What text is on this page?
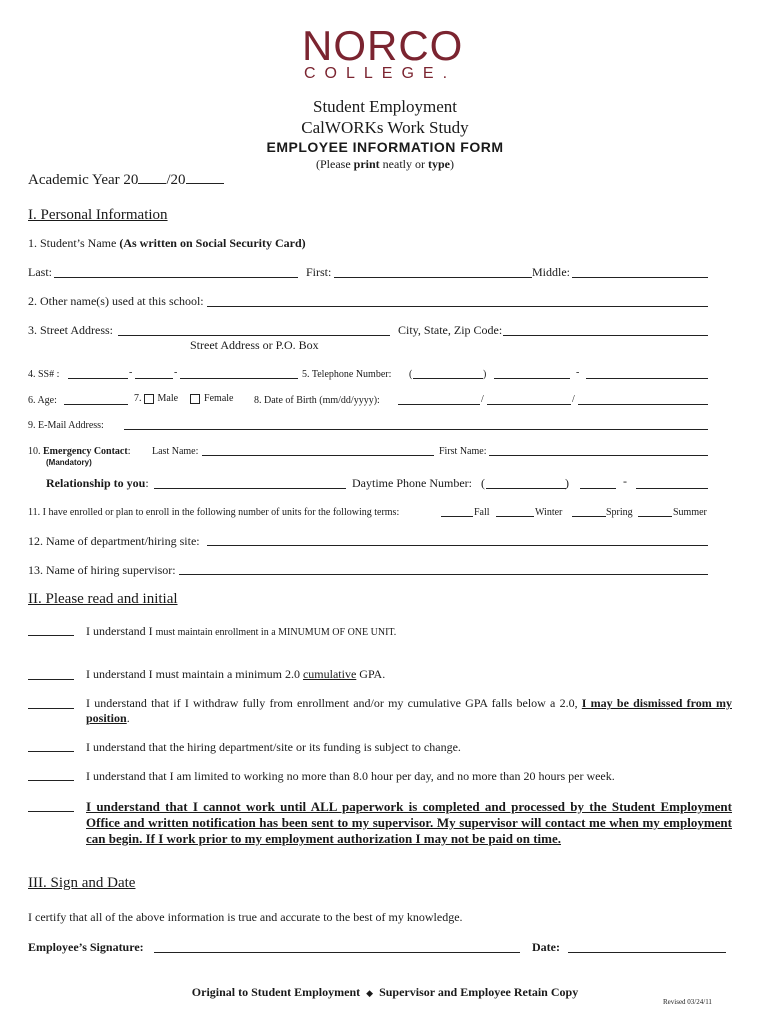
NORCO
COLLEGE.
Student Employment
CalWORKs Work Study
EMPLOYEE INFORMATION FORM
(Please print neatly or type)
Academic Year 20 /20
I. Personal Information
1. Student’s Name (As written on Social Security Card)
Last:	First:	Middle:
2. Other name(s) used at this school:
3. Street Address:	City, State, Zip Code:
Street Address or P.O. Box
4. SS# :	-	-	5. Telephone Number: (	)	-
6. Age:	7. Male	Female 8. Date of Birth (mm/dd/yyyy):	/	/
9. E-Mail Address:
10. Emergency Contact: Last Name:	First Name:
(Mandatory)
Relationship to you:	Daytime Phone Number: (	)	-
11. I have enrolled or plan to enroll in the following number of units for the following terms:	Fall	Winter	Spring	Summer
12. Name of department/hiring site:
13. Name of hiring supervisor:
II. Please read and initial
I understand I must maintain enrollment in a MINUMUM OF ONE UNIT.
I understand I must maintain a minimum 2.0 cumulative GPA.
I understand that if I withdraw fully from enrollment and/or my cumulative GPA falls below a 2.0, I may be dismissed from my position.
I understand that the hiring department/site or its funding is subject to change.
I understand that I am limited to working no more than 8.0 hour per day, and no more than 20 hours per week.
I understand that I cannot work until ALL paperwork is completed and processed by the Student Employment Office and written notification has been sent to my supervisor. My supervisor will contact me when my employment can begin. If I work prior to my employment authorization I may not be paid on time.
III. Sign and Date
I certify that all of the above information is true and accurate to the best of my knowledge.
Employee’s Signature:	Date:
Original to Student Employment ◆ Supervisor and Employee Retain Copy
Revised 03/24/11
